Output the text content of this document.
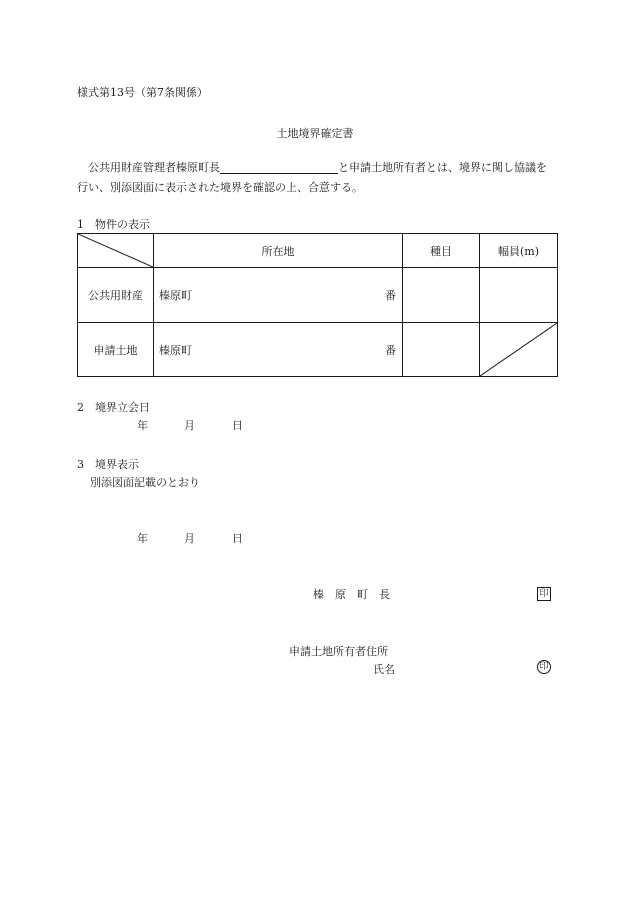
様式第13号（第7条関係）
土地境界確定書
公共用財産管理者榛原町長	と申請土地所有者とは、境界に関し協議を行い、別添図面に表示された境界を確認の上、合意する。
1　物件の表示
	所在地	種目	幅員(m)
公共用財産	榛原町 番		

申請土地	榛原町 番

2　境界立会日
年	月	日
3　境界表示
別添図面記載のとおり
年	月	日
榛　原　町　長	印
申請土地所有者住所
氏名	印
